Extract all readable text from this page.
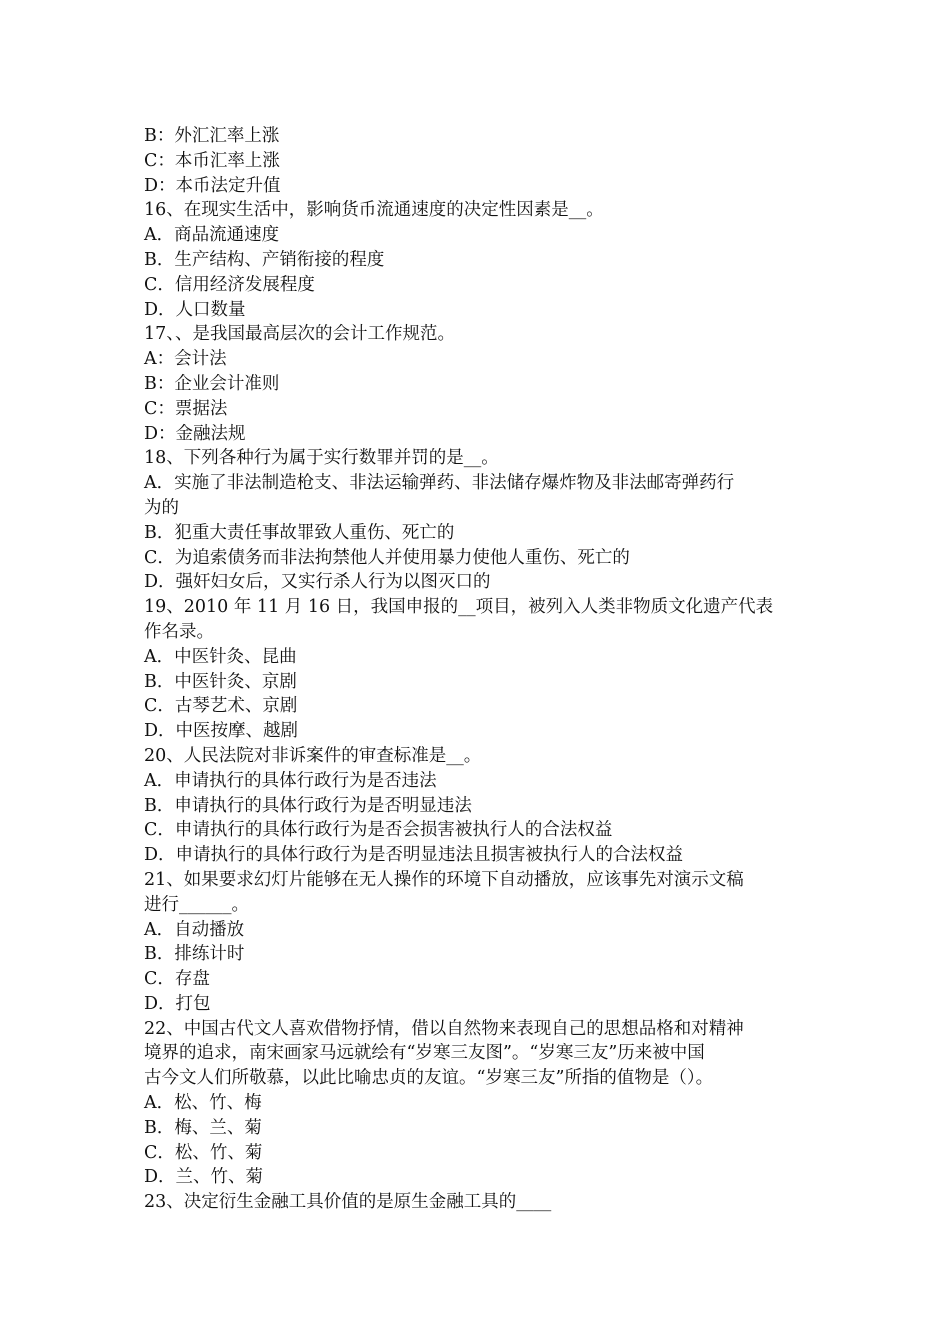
B：外汇汇率上涨
C：本币汇率上涨
D：本币法定升值
16、在现实生活中，影响货币流通速度的决定性因素是__。
A．商品流通速度
B．生产结构、产销衔接的程度
C．信用经济发展程度
D．人口数量
17、、是我国最高层次的会计工作规范。
A：会计法
B：企业会计准则
C：票据法
D：金融法规
18、下列各种行为属于实行数罪并罚的是__。
A．实施了非法制造枪支、非法运输弹药、非法储存爆炸物及非法邮寄弹药行
为的
B．犯重大责任事故罪致人重伤、死亡的
C．为追索债务而非法拘禁他人并使用暴力使他人重伤、死亡的
D．强奸妇女后，又实行杀人行为以图灭口的
19、2010 年 11 月 16 日，我国申报的__项目，被列入人类非物质文化遗产代表
作名录。
A．中医针灸、昆曲
B．中医针灸、京剧
C．古琴艺术、京剧
D．中医按摩、越剧
20、人民法院对非诉案件的审查标准是__。
A．申请执行的具体行政行为是否违法
B．申请执行的具体行政行为是否明显违法
C．申请执行的具体行政行为是否会损害被执行人的合法权益
D．申请执行的具体行政行为是否明显违法且损害被执行人的合法权益
21、如果要求幻灯片能够在无人操作的环境下自动播放，应该事先对演示文稿
进行______。
A．自动播放
B．排练计时
C．存盘
D．打包
22、中国古代文人喜欢借物抒情，借以自然物来表现自己的思想品格和对精神
境界的追求，南宋画家马远就绘有“岁寒三友图”。“岁寒三友”历来被中国
古今文人们所敬慕，以此比喻忠贞的友谊。“岁寒三友”所指的值物是（）。
A．松、竹、梅
B．梅、兰、菊
C．松、竹、菊
D．兰、竹、菊
23、决定衍生金融工具价值的是原生金融工具的____
